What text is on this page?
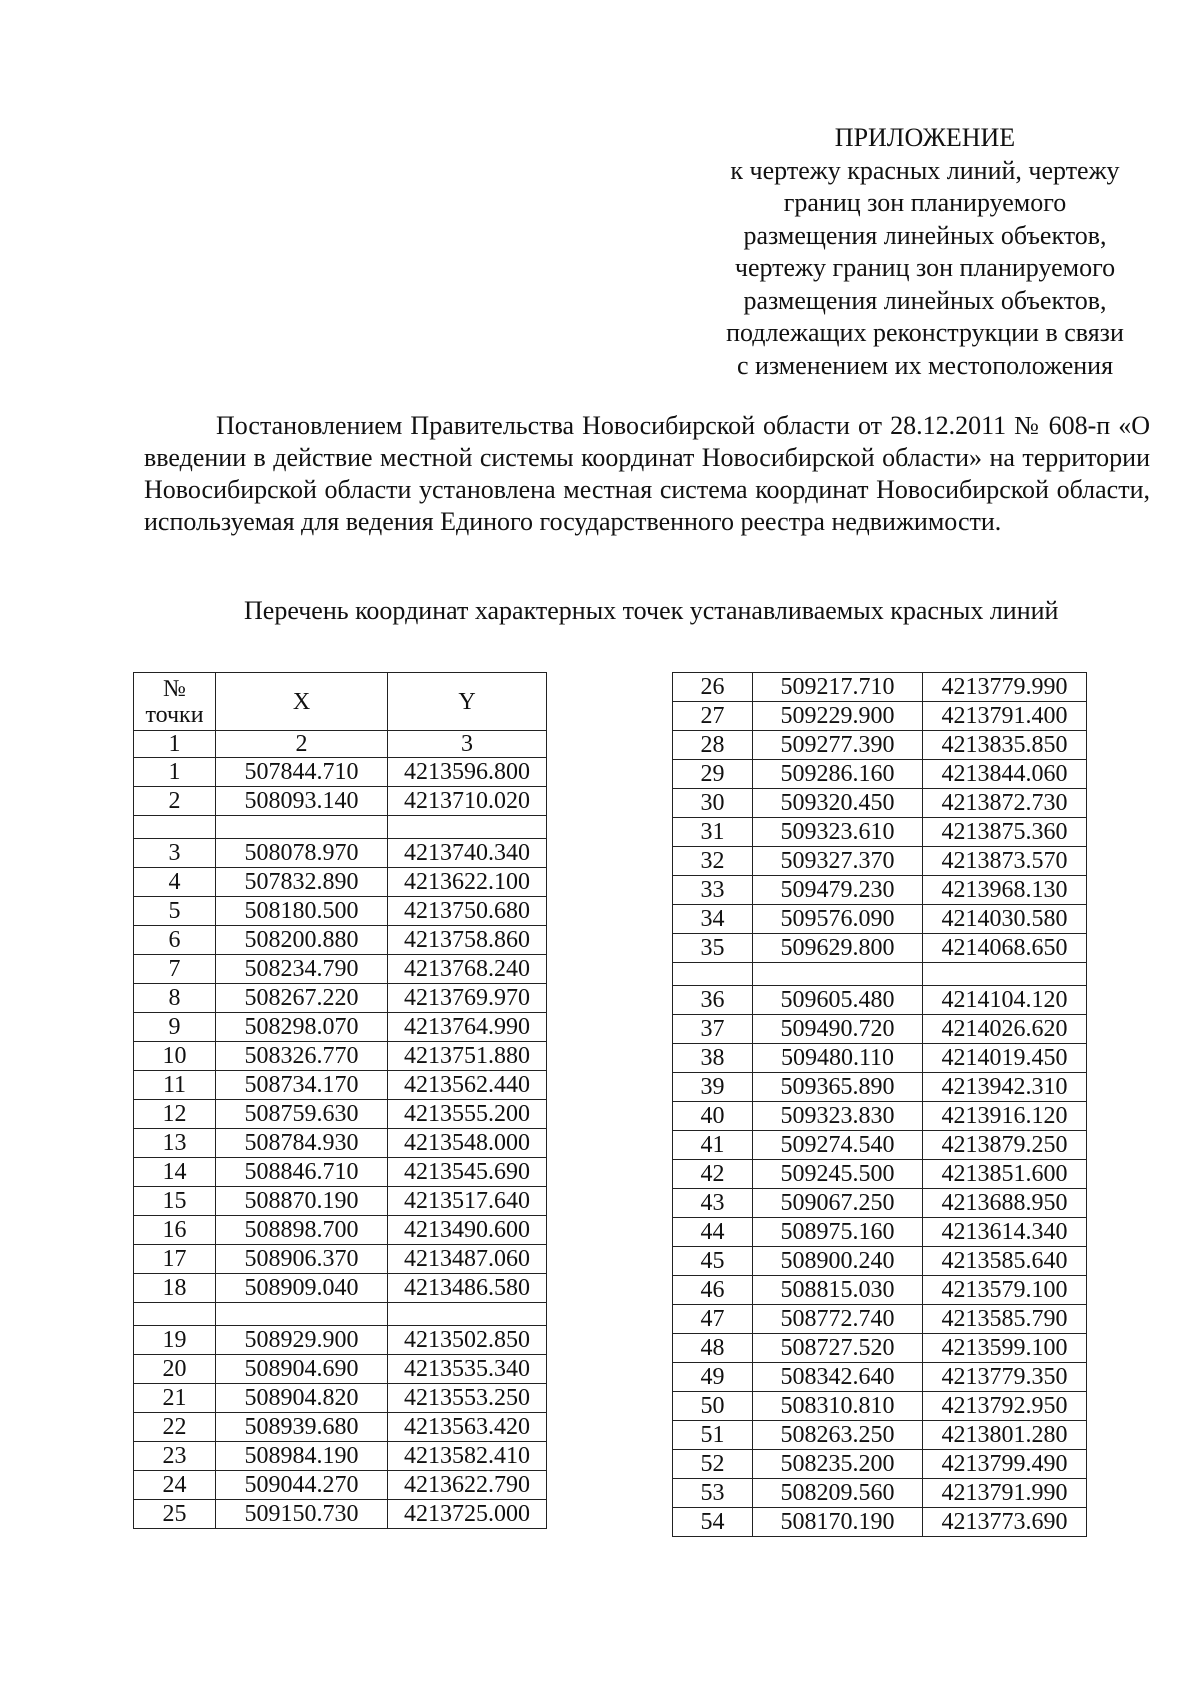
ПРИЛОЖЕНИЕ
к чертежу красных линий, чертежу
границ зон планируемого
размещения линейных объектов,
чертежу границ зон планируемого
размещения линейных объектов,
подлежащих реконструкции в связи
с изменением их местоположения

Постановлением Правительства Новосибирской области от 28.12.2011 № 608-п «О введении в действие местной системы координат Новосибирской области» на территории Новосибирской области установлена местная система координат Новосибирской области, используемая для ведения Единого государственного реестра недвижимости.

Перечень координат характерных точек устанавливаемых красных линий
№
точки	X	Y
1	2	3
1	507844.710	4213596.800
2	508093.140	4213710.020

3	508078.970	4213740.340
4	507832.890	4213622.100
5	508180.500	4213750.680
6	508200.880	4213758.860
7	508234.790	4213768.240
8	508267.220	4213769.970
9	508298.070	4213764.990
10	508326.770	4213751.880
11	508734.170	4213562.440
12	508759.630	4213555.200
13	508784.930	4213548.000
14	508846.710	4213545.690
15	508870.190	4213517.640
16	508898.700	4213490.600
17	508906.370	4213487.060
18	508909.040	4213486.580

19	508929.900	4213502.850
20	508904.690	4213535.340
21	508904.820	4213553.250
22	508939.680	4213563.420
23	508984.190	4213582.410
24	509044.270	4213622.790
25	509150.730	4213725.000
26	509217.710	4213779.990
27	509229.900	4213791.400
28	509277.390	4213835.850
29	509286.160	4213844.060
30	509320.450	4213872.730
31	509323.610	4213875.360
32	509327.370	4213873.570
33	509479.230	4213968.130
34	509576.090	4214030.580
35	509629.800	4214068.650

36	509605.480	4214104.120
37	509490.720	4214026.620
38	509480.110	4214019.450
39	509365.890	4213942.310
40	509323.830	4213916.120
41	509274.540	4213879.250
42	509245.500	4213851.600
43	509067.250	4213688.950
44	508975.160	4213614.340
45	508900.240	4213585.640
46	508815.030	4213579.100
47	508772.740	4213585.790
48	508727.520	4213599.100
49	508342.640	4213779.350
50	508310.810	4213792.950
51	508263.250	4213801.280
52	508235.200	4213799.490
53	508209.560	4213791.990
54	508170.190	4213773.690
